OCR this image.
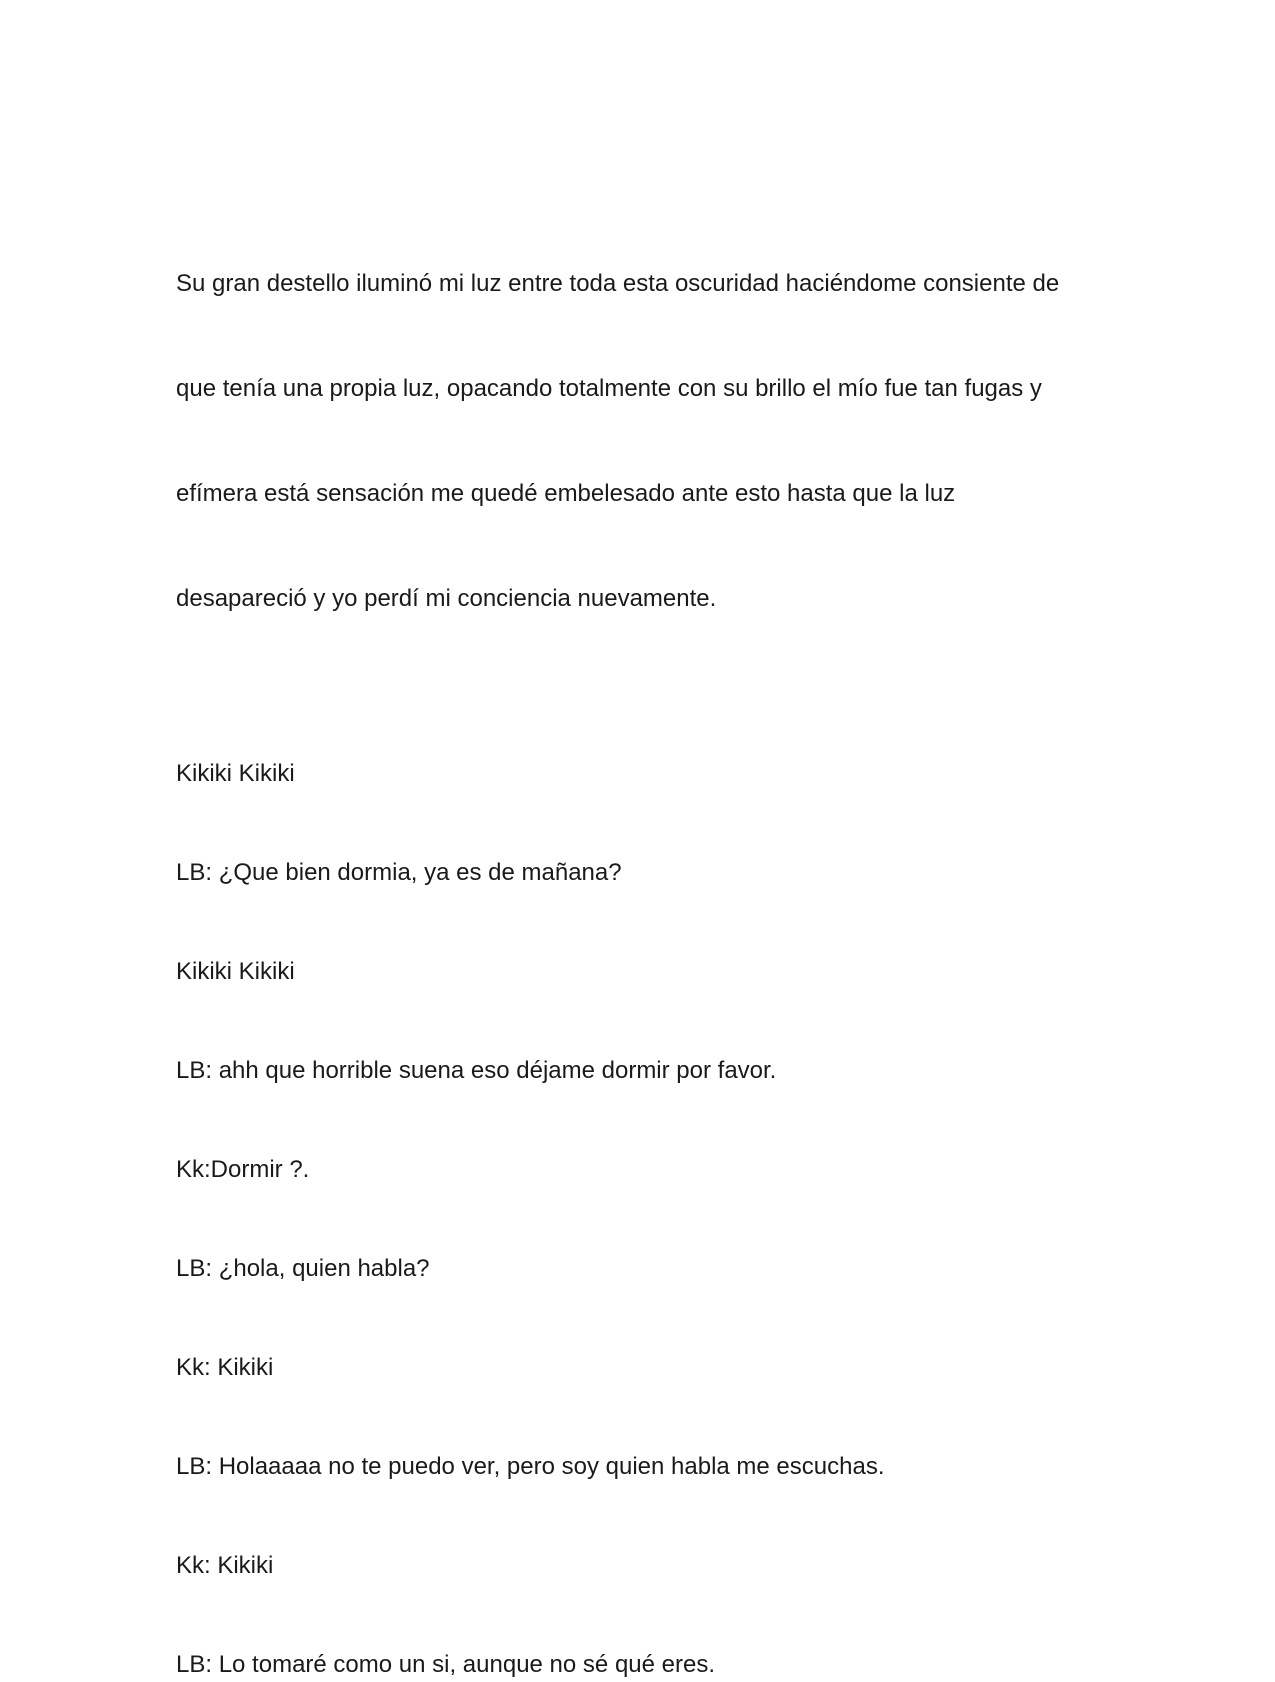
Su gran destello iluminó mi luz entre toda esta oscuridad haciéndome consiente de

que tenía una propia luz, opacando totalmente con su brillo el mío fue tan fugas y

efímera está sensación me quedé embelesado ante esto hasta que la luz

desapareció y yo perdí mi conciencia nuevamente.

Kikiki Kikiki
LB: ¿Que bien dormia, ya es de mañana?
Kikiki Kikiki
LB: ahh que horrible suena eso déjame dormir por favor.
Kk:Dormir ?.
LB: ¿hola, quien habla?
Kk: Kikiki
LB: Holaaaaa no te puedo ver, pero soy quien habla me escuchas.
Kk: Kikiki
LB: Lo tomaré como un si, aunque no sé qué eres.
